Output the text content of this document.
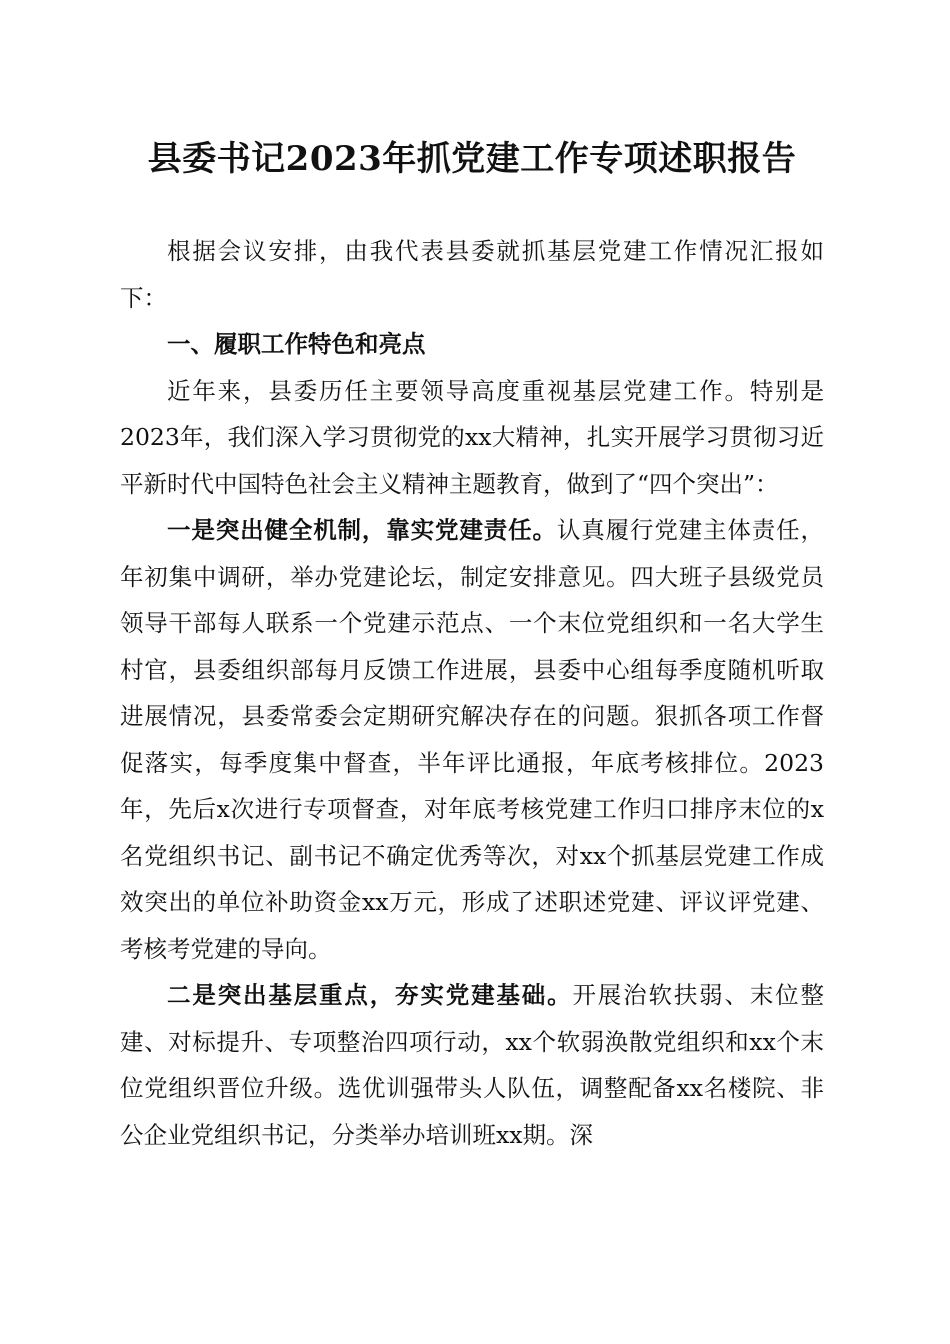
县委书记2023年抓党建工作专项述职报告

根据会议安排，由我代表县委就抓基层党建工作情况汇报如下：

一、履职工作特色和亮点

近年来，县委历任主要领导高度重视基层党建工作。特别是2023年，我们深入学习贯彻党的xx大精神，扎实开展学习贯彻习近平新时代中国特色社会主义精神主题教育，做到了“四个突出”：

一是突出健全机制，靠实党建责任。认真履行党建主体责任，年初集中调研，举办党建论坛，制定安排意见。四大班子县级党员领导干部每人联系一个党建示范点、一个末位党组织和一名大学生村官，县委组织部每月反馈工作进展，县委中心组每季度随机听取进展情况，县委常委会定期研究解决存在的问题。狠抓各项工作督促落实，每季度集中督查，半年评比通报，年底考核排位。2023年，先后x次进行专项督查，对年底考核党建工作归口排序末位的x名党组织书记、副书记不确定优秀等次，对xx个抓基层党建工作成效突出的单位补助资金xx万元，形成了述职述党建、评议评党建、考核考党建的导向。

二是突出基层重点，夯实党建基础。开展治软扶弱、末位整建、对标提升、专项整治四项行动，xx个软弱涣散党组织和xx个末位党组织晋位升级。选优训强带头人队伍，调整配备xx名楼院、非公企业党组织书记，分类举办培训班xx期。深
